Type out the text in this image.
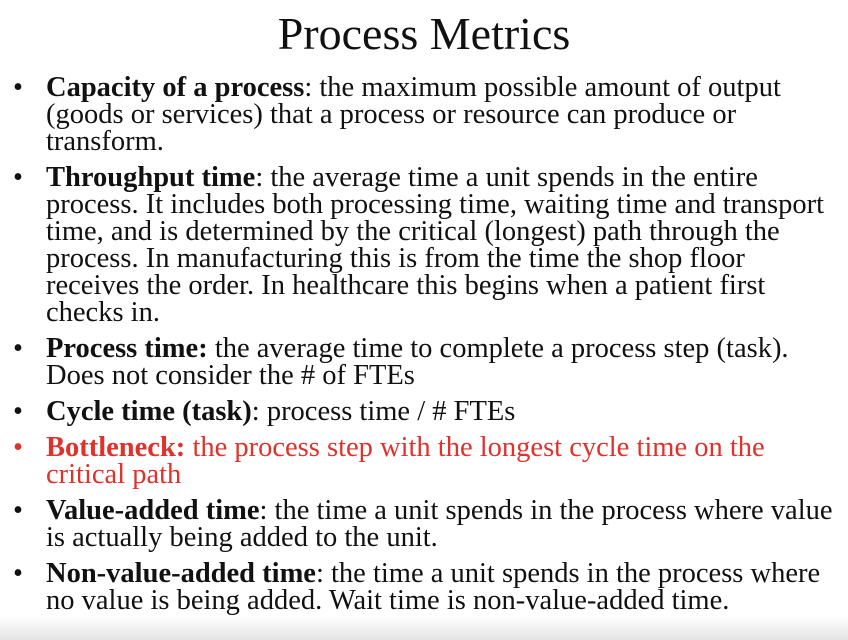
Process Metrics
• Capacity of a process: the maximum possible amount of output (goods or services) that a process or resource can produce or transform.
• Throughput time: the average time a unit spends in the entire process. It includes both processing time, waiting time and transport time, and is determined by the critical (longest) path through the process. In manufacturing this is from the time the shop floor receives the order. In healthcare this begins when a patient first checks in.
• Process time: the average time to complete a process step (task). Does not consider the # of FTEs
• Cycle time (task): process time / # FTEs
• Bottleneck: the process step with the longest cycle time on the critical path
• Value-added time: the time a unit spends in the process where value is actually being added to the unit.
• Non-value-added time: the time a unit spends in the process where no value is being added. Wait time is non-value-added time.
